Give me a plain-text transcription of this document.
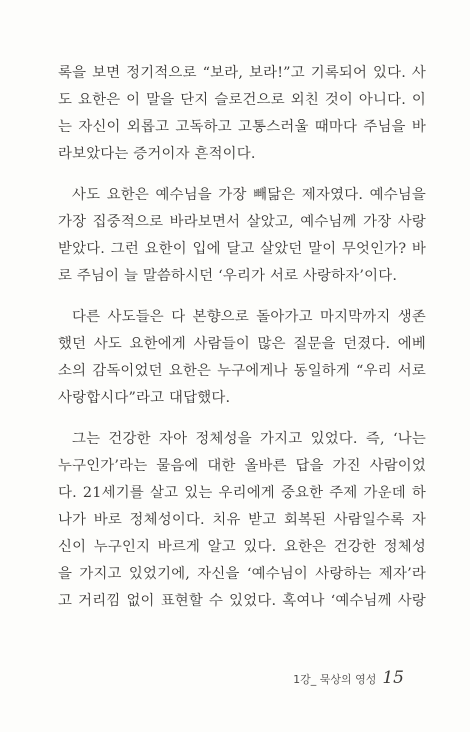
록을 보면 정기적으로 “보라, 보라!”고 기록되어 있다. 사
도 요한은 이 말을 단지 슬로건으로 외친 것이 아니다. 이
는 자신이 외롭고 고독하고 고통스러울 때마다 주님을 바
라보았다는 증거이자 흔적이다.
사도 요한은 예수님을 가장 빼닮은 제자였다. 예수님을
가장 집중적으로 바라보면서 살았고, 예수님께 가장 사랑
받았다. 그런 요한이 입에 달고 살았던 말이 무엇인가? 바
로 주님이 늘 말씀하시던 ‘우리가 서로 사랑하자’이다.
다른 사도들은 다 본향으로 돌아가고 마지막까지 생존
했던 사도 요한에게 사람들이 많은 질문을 던졌다. 에베
소의 감독이었던 요한은 누구에게나 동일하게 “우리 서로
사랑합시다”라고 대답했다.
그는 건강한 자아 정체성을 가지고 있었다. 즉, ‘나는
누구인가’라는 물음에 대한 올바른 답을 가진 사람이었
다. 21세기를 살고 있는 우리에게 중요한 주제 가운데 하
나가 바로 정체성이다. 치유 받고 회복된 사람일수록 자
신이 누구인지 바르게 알고 있다. 요한은 건강한 정체성
을 가지고 있었기에, 자신을 ‘예수님이 사랑하는 제자’라
고 거리낌 없이 표현할 수 있었다. 혹여나 ‘예수님께 사랑
1강_ 묵상의 영성 15
